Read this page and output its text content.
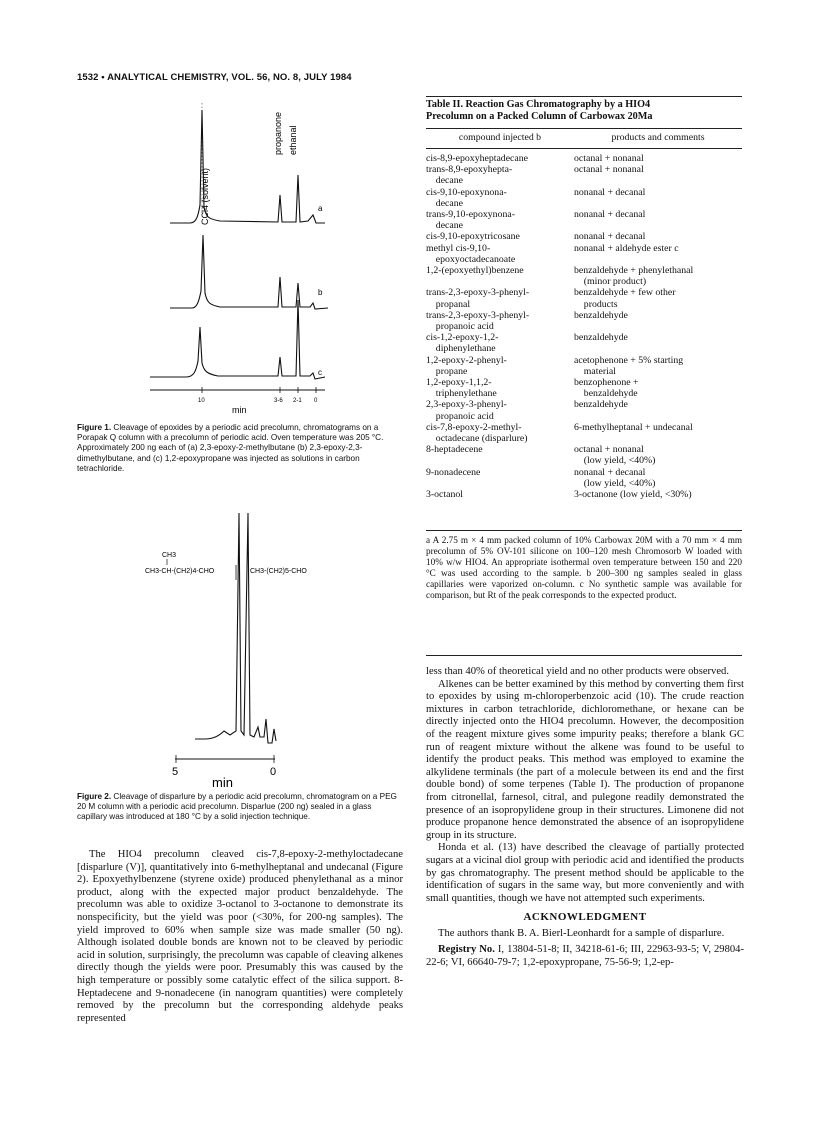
1532 • ANALYTICAL CHEMISTRY, VOL. 56, NO. 8, JULY 1984
CCl4 (solvent)
propanone ethanal
a
b
c
10	3-6 2-1 0
min
Figure 1. Cleavage of epoxides by a periodic acid precolumn, chromatograms on a Porapak Q column with a precolumn of periodic acid. Oven temperature was 205 °C. Approximately 200 ng each of (a) 2,3-epoxy-2-methylbutane (b) 2,3-epoxy-2,3-dimethylbutane, and (c) 1,2-epoxypropane was injected as solutions in carbon tetrachloride.
CH3
CH3-CH-(CH2)4-CHO	CH3-(CH2)5-CHO
5	0
min
Figure 2. Cleavage of disparlure by a periodic acid precolumn, chromatogram on a PEG 20 M column with a periodic acid precolumn. Disparlue (200 ng) sealed in a glass capillary was introduced at 180 °C by a solid injection technique.

The HIO4 precolumn cleaved cis-7,8-epoxy-2-methyloctadecane [disparlure (V)], quantitatively into 6-methylheptanal and undecanal (Figure 2). Epoxyethylbenzene (styrene oxide) produced phenylethanal as a minor product, along with the expected major product benzaldehyde. The precolumn was able to oxidize 3-octanol to 3-octanone to demonstrate its nonspecificity, but the yield was poor (<30%, for 200-ng samples). The yield improved to 60% when sample size was made smaller (50 ng). Although isolated double bonds are known not to be cleaved by periodic acid in solution, surprisingly, the precolumn was capable of cleaving alkenes directly though the yields were poor. Presumably this was caused by the high temperature or possibly some catalytic effect of the silica support. 8-Heptadecene and 9-nonadecene (in nanogram quantities) were completely removed by the precolumn but the corresponding aldehyde peaks represented

Table II. Reaction Gas Chromatography by a HIO4
Precolumn on a Packed Column of Carbowax 20Ma
compound injected b	products and comments
cis-8,9-epoxyheptadecane	octanal + nonanal
trans-8,9-epoxyhepta-	octanal + nonanal
decane
cis-9,10-epoxynona-	nonanal + decanal
decane
trans-9,10-epoxynona-	nonanal + decanal
decane
cis-9,10-epoxytricosane	nonanal + decanal
methyl cis-9,10-	nonanal + aldehyde ester c
epoxyoctadecanoate
1,2-(epoxyethyl)benzene	benzaldehyde + phenylethanal
(minor product)
trans-2,3-epoxy-3-phenyl-	benzaldehyde + few other
propanal	products
trans-2,3-epoxy-3-phenyl-	benzaldehyde
propanoic acid
cis-1,2-epoxy-1,2-	benzaldehyde
diphenylethane
1,2-epoxy-2-phenyl-	acetophenone + 5% starting
propane	material
1,2-epoxy-1,1,2-	benzophenone +
triphenylethane	benzaldehyde
2,3-epoxy-3-phenyl-	benzaldehyde
propanoic acid
cis-7,8-epoxy-2-methyl-	6-methylheptanal + undecanal
octadecane (disparlure)
8-heptadecene	octanal + nonanal
(low yield, <40%)
9-nonadecene	nonanal + decanal
(low yield, <40%)
3-octanol	3-octanone (low yield, <30%)
a A 2.75 m × 4 mm packed column of 10% Carbowax 20M with a 70 mm × 4 mm precolumn of 5% OV-101 silicone on 100–120 mesh Chromosorb W loaded with 10% w/w HIO4. An appropriate isothermal oven temperature between 150 and 220 °C was used according to the sample. b 200–300 ng samples sealed in glass capillaries were vaporized on-column. c No synthetic sample was available for comparison, but Rt of the peak corresponds to the expected product.

less than 40% of theoretical yield and no other products were observed.

Alkenes can be better examined by this method by converting them first to epoxides by using m-chloroperbenzoic acid (10). The crude reaction mixtures in carbon tetrachloride, dichloromethane, or hexane can be directly injected onto the HIO4 precolumn. However, the decomposition of the reagent mixture gives some impurity peaks; therefore a blank GC run of reagent mixture without the alkene was found to be useful to identify the product peaks. This method was employed to examine the alkylidene terminals (the part of a molecule between its end and the first double bond) of some terpenes (Table I). The production of propanone from citronellal, farnesol, citral, and pulegone readily demonstrated the presence of an isopropylidene group in their structures. Limonene did not produce propanone hence demonstrated the absence of an isopropylidene group in its structure.

Honda et al. (13) have described the cleavage of partially protected sugars at a vicinal diol group with periodic acid and identified the products by gas chromatography. The present method should be applicable to the identification of sugars in the same way, but more conveniently and with small quantities, though we have not attempted such experiments.

ACKNOWLEDGMENT

The authors thank B. A. Bierl-Leonhardt for a sample of disparlure.

Registry No. I, 13804-51-8; II, 34218-61-6; III, 22963-93-5; V, 29804-22-6; VI, 66640-79-7; 1,2-epoxypropane, 75-56-9; 1,2-ep-
